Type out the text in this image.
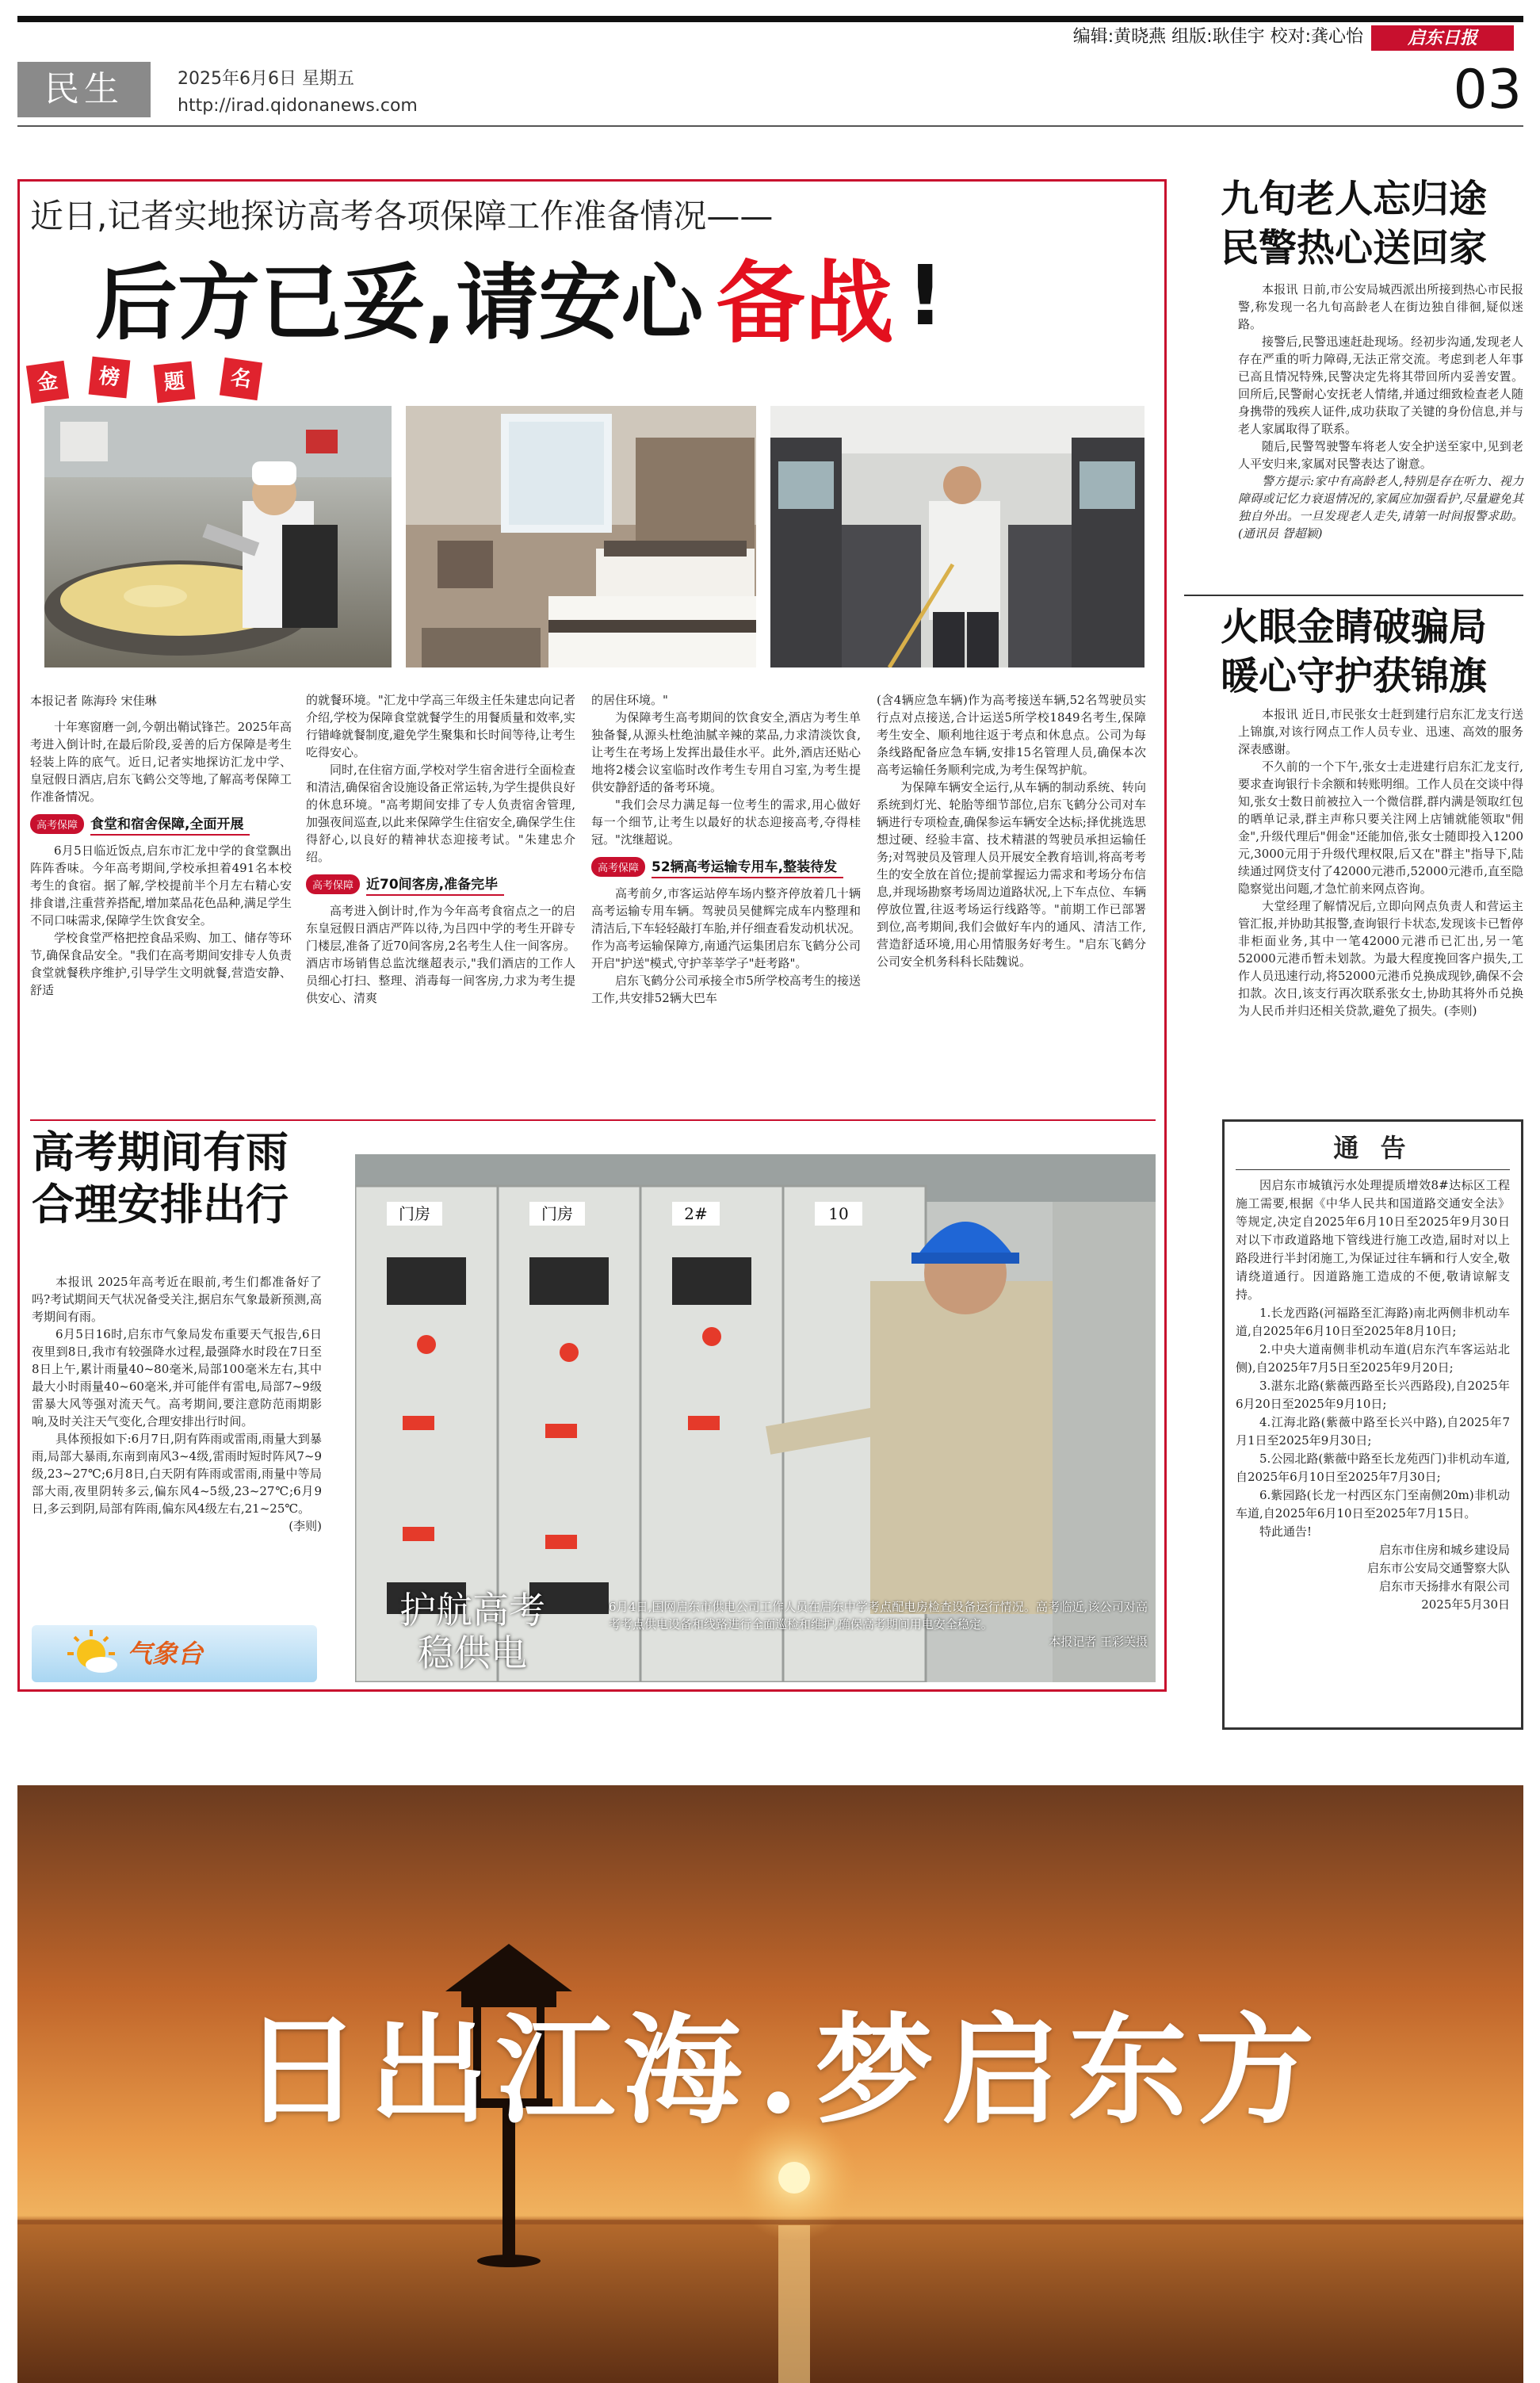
编辑:黄晓燕 组版:耿佳宇 校对:龚心怡	启东日报
民生	2025年6月6日 星期五
http://irad.qidonanews.com	03
近日,记者实地探访高考各项保障工作准备情况——
后方已妥,请安心 备战 !
金	榜	题	名
本报记者 陈海玲 宋佳琳

十年寒窗磨一剑,今朝出鞘试锋芒。2025年高考进入倒计时,在最后阶段,妥善的后方保障是考生轻装上阵的底气。近日,记者实地探访汇龙中学、皇冠假日酒店,启东飞鹤公交等地,了解高考保障工作准备情况。

高考保障 食堂和宿舍保障,全面开展

6月5日临近饭点,启东市汇龙中学的食堂飘出阵阵香味。今年高考期间,学校承担着491名本校考生的食宿。据了解,学校提前半个月左右精心安排食谱,注重营养搭配,增加菜品花色品种,满足学生不同口味需求,保障学生饮食安全。

学校食堂严格把控食品采购、加工、储存等环节,确保食品安全。"我们在高考期间安排专人负责食堂就餐秩序维护,引导学生文明就餐,营造安静、舒适

的就餐环境。"汇龙中学高三年级主任朱建忠向记者介绍,学校为保障食堂就餐学生的用餐质量和效率,实行错峰就餐制度,避免学生聚集和长时间等待,让考生吃得安心。

同时,在住宿方面,学校对学生宿舍进行全面检查和清洁,确保宿舍设施设备正常运转,为学生提供良好的休息环境。"高考期间安排了专人负责宿舍管理,加强夜间巡查,以此来保障学生住宿安全,确保学生住得舒心,以良好的精神状态迎接考试。"朱建忠介绍。

高考保障 近70间客房,准备完毕

高考进入倒计时,作为今年高考食宿点之一的启东皇冠假日酒店严阵以待,为吕四中学的考生开辟专门楼层,准备了近70间客房,2名考生人住一间客房。酒店市场销售总监沈继超表示,"我们酒店的工作人员细心打扫、整理、消毒每一间客房,力求为考生提供安心、清爽

的居住环境。"

为保障考生高考期间的饮食安全,酒店为考生单独备餐,从源头杜绝油腻辛辣的菜品,力求清淡饮食,让考生在考场上发挥出最佳水平。此外,酒店还贴心地将2楼会议室临时改作考生专用自习室,为考生提供安静舒适的备考环境。

"我们会尽力满足每一位考生的需求,用心做好每一个细节,让考生以最好的状态迎接高考,夺得桂冠。"沈继超说。

高考保障 52辆高考运输专用车,整装待发

高考前夕,市客运站停车场内整齐停放着几十辆高考运输专用车辆。驾驶员吴健辉完成车内整理和清洁后,下车轻轻敲打车胎,并仔细查看发动机状况。作为高考运输保障方,南通汽运集团启东飞鹤分公司开启"护送"模式,守护莘莘学子"赶考路"。

启东飞鹤分公司承接全市5所学校高考生的接送工作,共安排52辆大巴车

(含4辆应急车辆)作为高考接送车辆,52名驾驶员实行点对点接送,合计运送5所学校1849名考生,保障考生安全、顺利地往返于考点和休息点。公司为每条线路配备应急车辆,安排15名管理人员,确保本次高考运输任务顺利完成,为考生保驾护航。

为保障车辆安全运行,从车辆的制动系统、转向系统到灯光、轮胎等细节部位,启东飞鹤分公司对车辆进行专项检查,确保参运车辆安全达标;择优挑选思想过硬、经验丰富、技术精湛的驾驶员承担运输任务;对驾驶员及管理人员开展安全教育培训,将高考考生的安全放在首位;提前掌握运力需求和考场分布信息,并现场勘察考场周边道路状况,上下车点位、车辆停放位置,往返考场运行线路等。"前期工作已部署到位,高考期间,我们会做好车内的通风、清洁工作,营造舒适环境,用心用情服务好考生。"启东飞鹤分公司安全机务科科长陆魏说。

高考期间有雨
合理安排出行

本报讯 2025年高考近在眼前,考生们都准备好了吗?考试期间天气状况备受关注,据启东气象最新预测,高考期间有雨。

6月5日16时,启东市气象局发布重要天气报告,6日夜里到8日,我市有较强降水过程,最强降水时段在7日至8日上午,累计雨量40~80毫米,局部100毫米左右,其中最大小时雨量40~60毫米,并可能伴有雷电,局部7~9级雷暴大风等强对流天气。高考期间,要注意防范雨期影响,及时关注天气变化,合理安排出行时间。

具体预报如下:6月7日,阴有阵雨或雷雨,雨量大到暴雨,局部大暴雨,东南到南风3~4级,雷雨时短时阵风7~9级,23~27℃;6月8日,白天阴有阵雨或雷雨,雨量中等局部大雨,夜里阴转多云,偏东风4~5级,23~27℃;6月9日,多云到阴,局部有阵雨,偏东风4级左右,21~25℃。

(李则)

气象台
门房	门房	2#	10
护航高考
稳供电
6月4日,国网启东市供电公司工作人员在启东中学考点配电房检查设备运行情况。高考临近,该公司对高考考点供电设备和线路进行全面巡检和维护,确保高考期间用电安全稳定。
本报记者 王彩芙摄
九旬老人忘归途
民警热心送回家

本报讯 日前,市公安局城西派出所接到热心市民报警,称发现一名九旬高龄老人在街边独自徘徊,疑似迷路。

接警后,民警迅速赶赴现场。经初步沟通,发现老人存在严重的听力障碍,无法正常交流。考虑到老人年事已高且情况特殊,民警决定先将其带回所内妥善安置。回所后,民警耐心安抚老人情绪,并通过细致检查老人随身携带的残疾人证件,成功获取了关键的身份信息,并与老人家属取得了联系。

随后,民警驾驶警车将老人安全护送至家中,见到老人平安归来,家属对民警表达了谢意。

警方提示:家中有高龄老人,特别是存在听力、视力障碍或记忆力衰退情况的,家属应加强看护,尽量避免其独自外出。一旦发现老人走失,请第一时间报警求助。(通讯员 眢超颖)

火眼金睛破骗局
暖心守护获锦旗

本报讯 近日,市民张女士赶到建行启东汇龙支行送上锦旗,对该行网点工作人员专业、迅速、高效的服务深表感谢。

不久前的一个下午,张女士走进建行启东汇龙支行,要求查询银行卡余额和转账明细。工作人员在交谈中得知,张女士数日前被拉入一个微信群,群内满是领取红包的晒单记录,群主声称只要关注网上店铺就能领取"佣金",升级代理后"佣金"还能加倍,张女士随即投入1200元,3000元用于升级代理权限,后又在"群主"指导下,陆续通过网贷支付了42000元港币,52000元港币,直至隐隐察觉出问题,才急忙前来网点咨询。

大堂经理了解情况后,立即向网点负责人和营运主管汇报,并协助其报警,查询银行卡状态,发现该卡已暂停非柜面业务,其中一笔42000元港币已汇出,另一笔52000元港币暂未划款。为最大程度挽回客户损失,工作人员迅速行动,将52000元港币兑换成现钞,确保不会扣款。次日,该支行再次联系张女士,协助其将外币兑换为人民币并归还相关贷款,避免了损失。(李则)

通 告

因启东市城镇污水处理提质增效8#达标区工程施工需要,根据《中华人民共和国道路交通安全法》等规定,决定自2025年6月10日至2025年9月30日对以下市政道路地下管线进行施工改造,届时对以上路段进行半封闭施工,为保证过往车辆和行人安全,敬请绕道通行。因道路施工造成的不便,敬请谅解支持。

1.长龙西路(河福路至汇海路)南北两侧非机动车道,自2025年6月10日至2025年8月10日;

2.中央大道南侧非机动车道(启东汽车客运站北侧),自2025年7月5日至2025年9月20日;

3.湛东北路(紫薇西路至长兴西路段),自2025年6月20日至2025年9月10日;

4.江海北路(紫薇中路至长兴中路),自2025年7月1日至2025年9月30日;

5.公园北路(紫薇中路至长龙苑西门)非机动车道,自2025年6月10日至2025年7月30日;

6.紫园路(长龙一村西区东门至南侧20m)非机动车道,自2025年6月10日至2025年7月15日。

特此通告!

启东市住房和城乡建设局
启东市公安局交通警察大队
启东市天扬排水有限公司
2025年5月30日
日出江海 . 梦启东方
